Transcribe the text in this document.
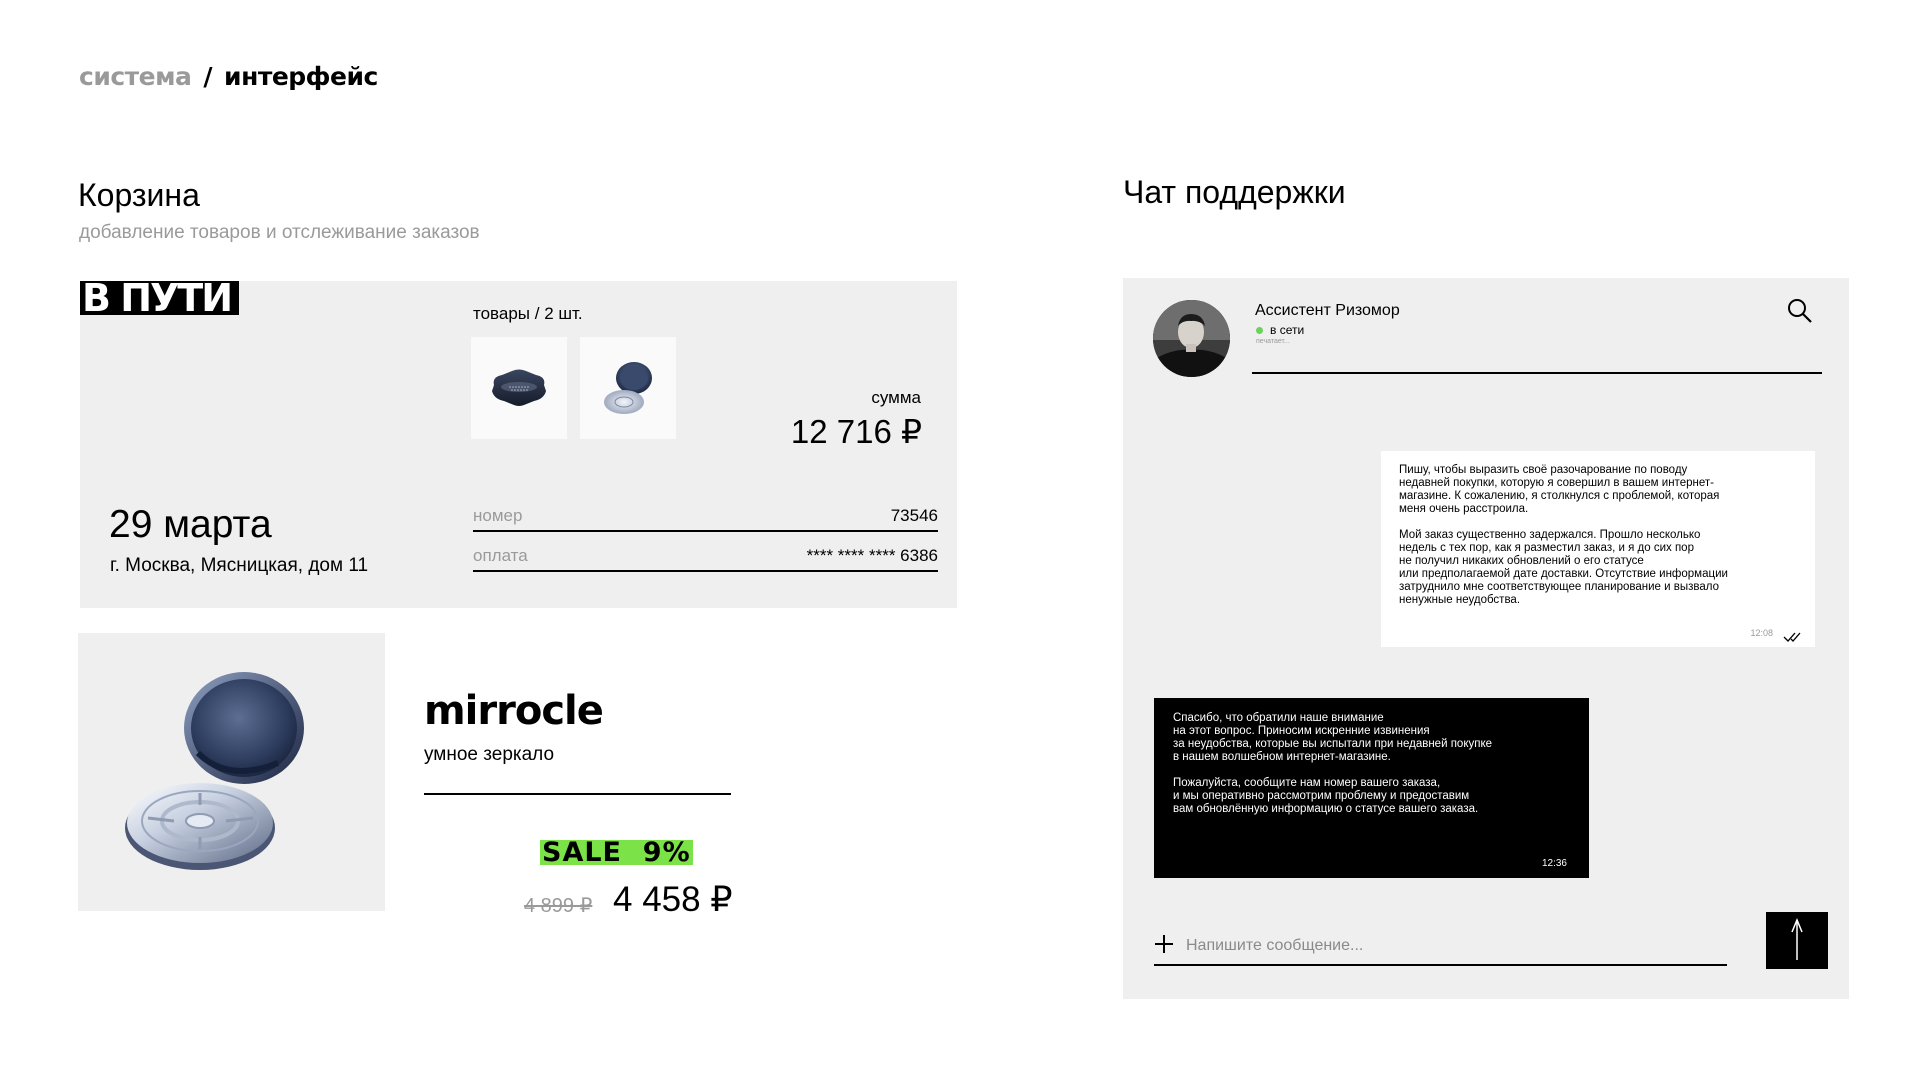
система / интерфейс
Корзина
добавление товаров и отслеживание заказов
В ПУТИ
29 марта
г. Москва, Мясницкая, дом 11
товары / 2 шт.
сумма
12 716 ₽
номер	73546
оплата	**** **** **** 6386
mirrocle
умное зеркало
SALE  9%
4 899 ₽ 4 458 ₽
Чат поддержки
Ассистент Ризомор
в сети
печатает...
Пишу, чтобы выразить своё разочарование по поводу
недавней покупки, которую я совершил в вашем интернет-
магазине. К сожалению, я столкнулся с проблемой, которая
меня очень расстроила.

Мой заказ существенно задержался. Прошло несколько
недель с тех пор, как я разместил заказ, и я до сих пор
не получил никаких обновлений о его статусе
или предполагаемой дате доставки. Отсутствие информации
затруднило мне соответствующее планирование и вызвало
ненужные неудобства.
12:08
Спасибо, что обратили наше внимание
на этот вопрос. Приносим искренние извинения
за неудобства, которые вы испытали при недавней покупке
в нашем волшебном интернет-магазине.

Пожалуйста, сообщите нам номер вашего заказа,
и мы оперативно рассмотрим проблему и предоставим
вам обновлённую информацию о статусе вашего заказа.
12:36
Напишите сообщение...
